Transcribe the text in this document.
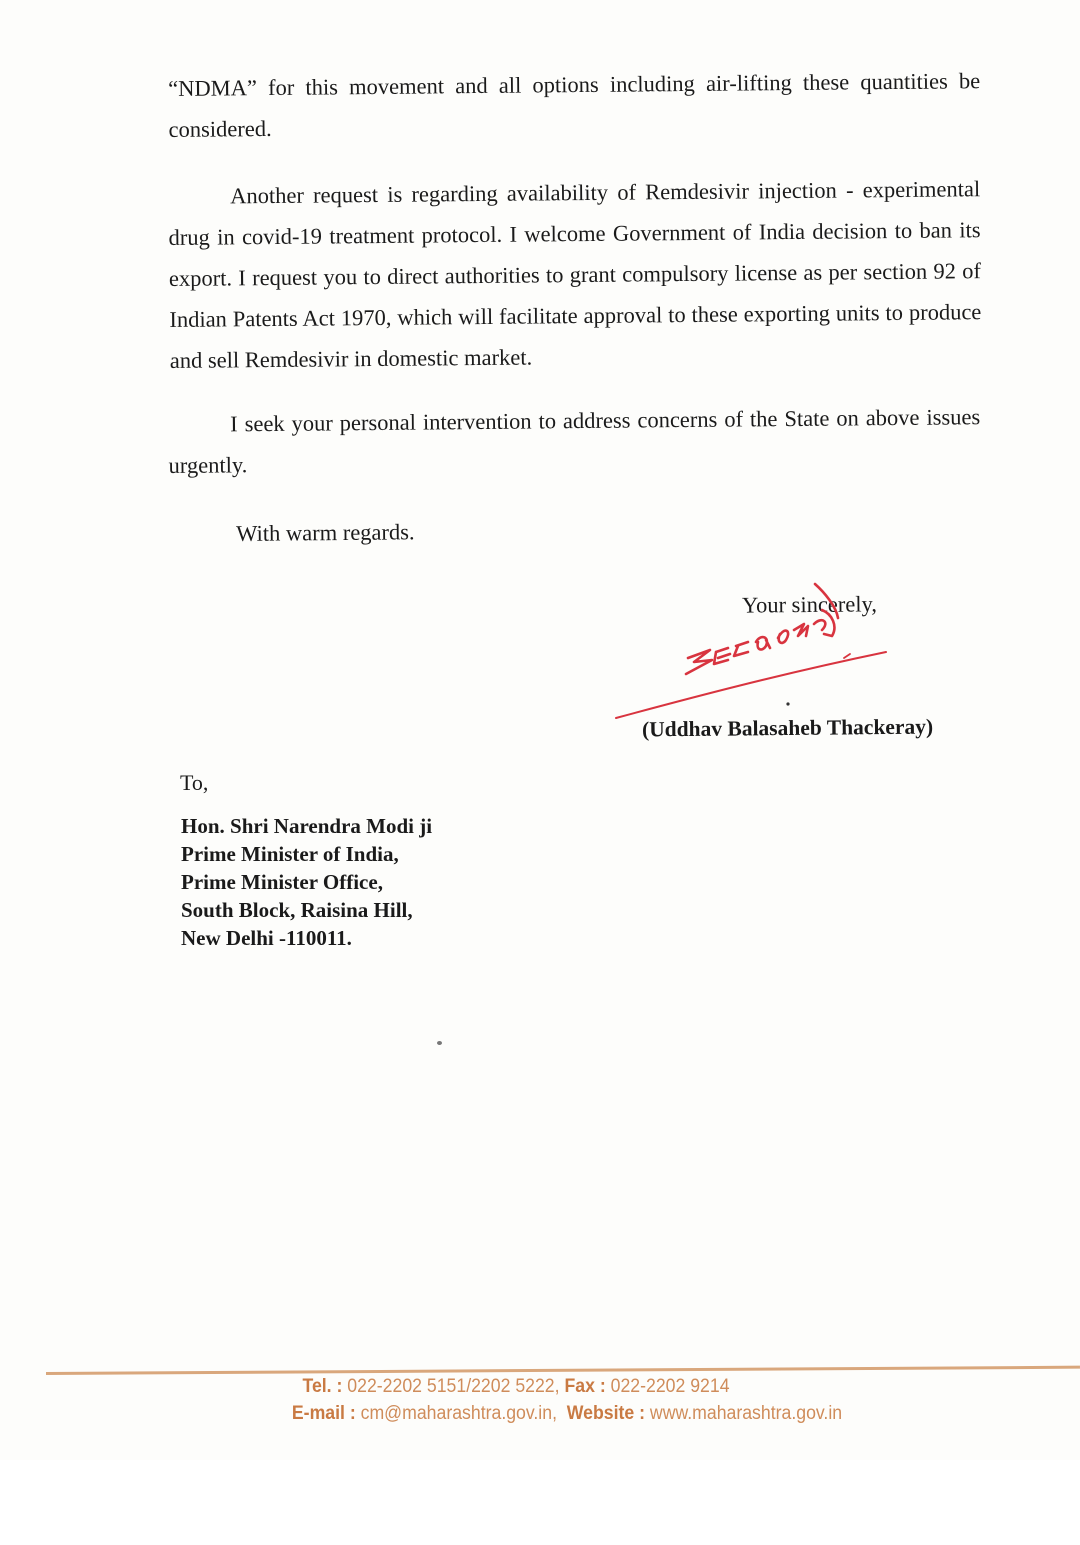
“NDMA” for this movement and all options including air-lifting these quantities be considered.

Another request is regarding availability of Remdesivir injection - experimental drug in covid-19 treatment protocol. I welcome Government of India decision to ban its export. I request you to direct authorities to grant compulsory license as per section 92 of Indian Patents Act 1970, which will facilitate approval to these exporting units to produce and sell Remdesivir in domestic market.

I seek your personal intervention to address concerns of the State on above issues urgently.

With warm regards.

Your sincerely,
(Uddhav Balasaheb Thackeray)
To,
Hon. Shri Narendra Modi ji
Prime Minister of India,
Prime Minister Office,
South Block, Raisina Hill,
New Delhi -110011.
Tel. : 022-2202 5151/2202 5222, Fax : 022-2202 9214
E-mail : cm@maharashtra.gov.in, Website : www.maharashtra.gov.in
